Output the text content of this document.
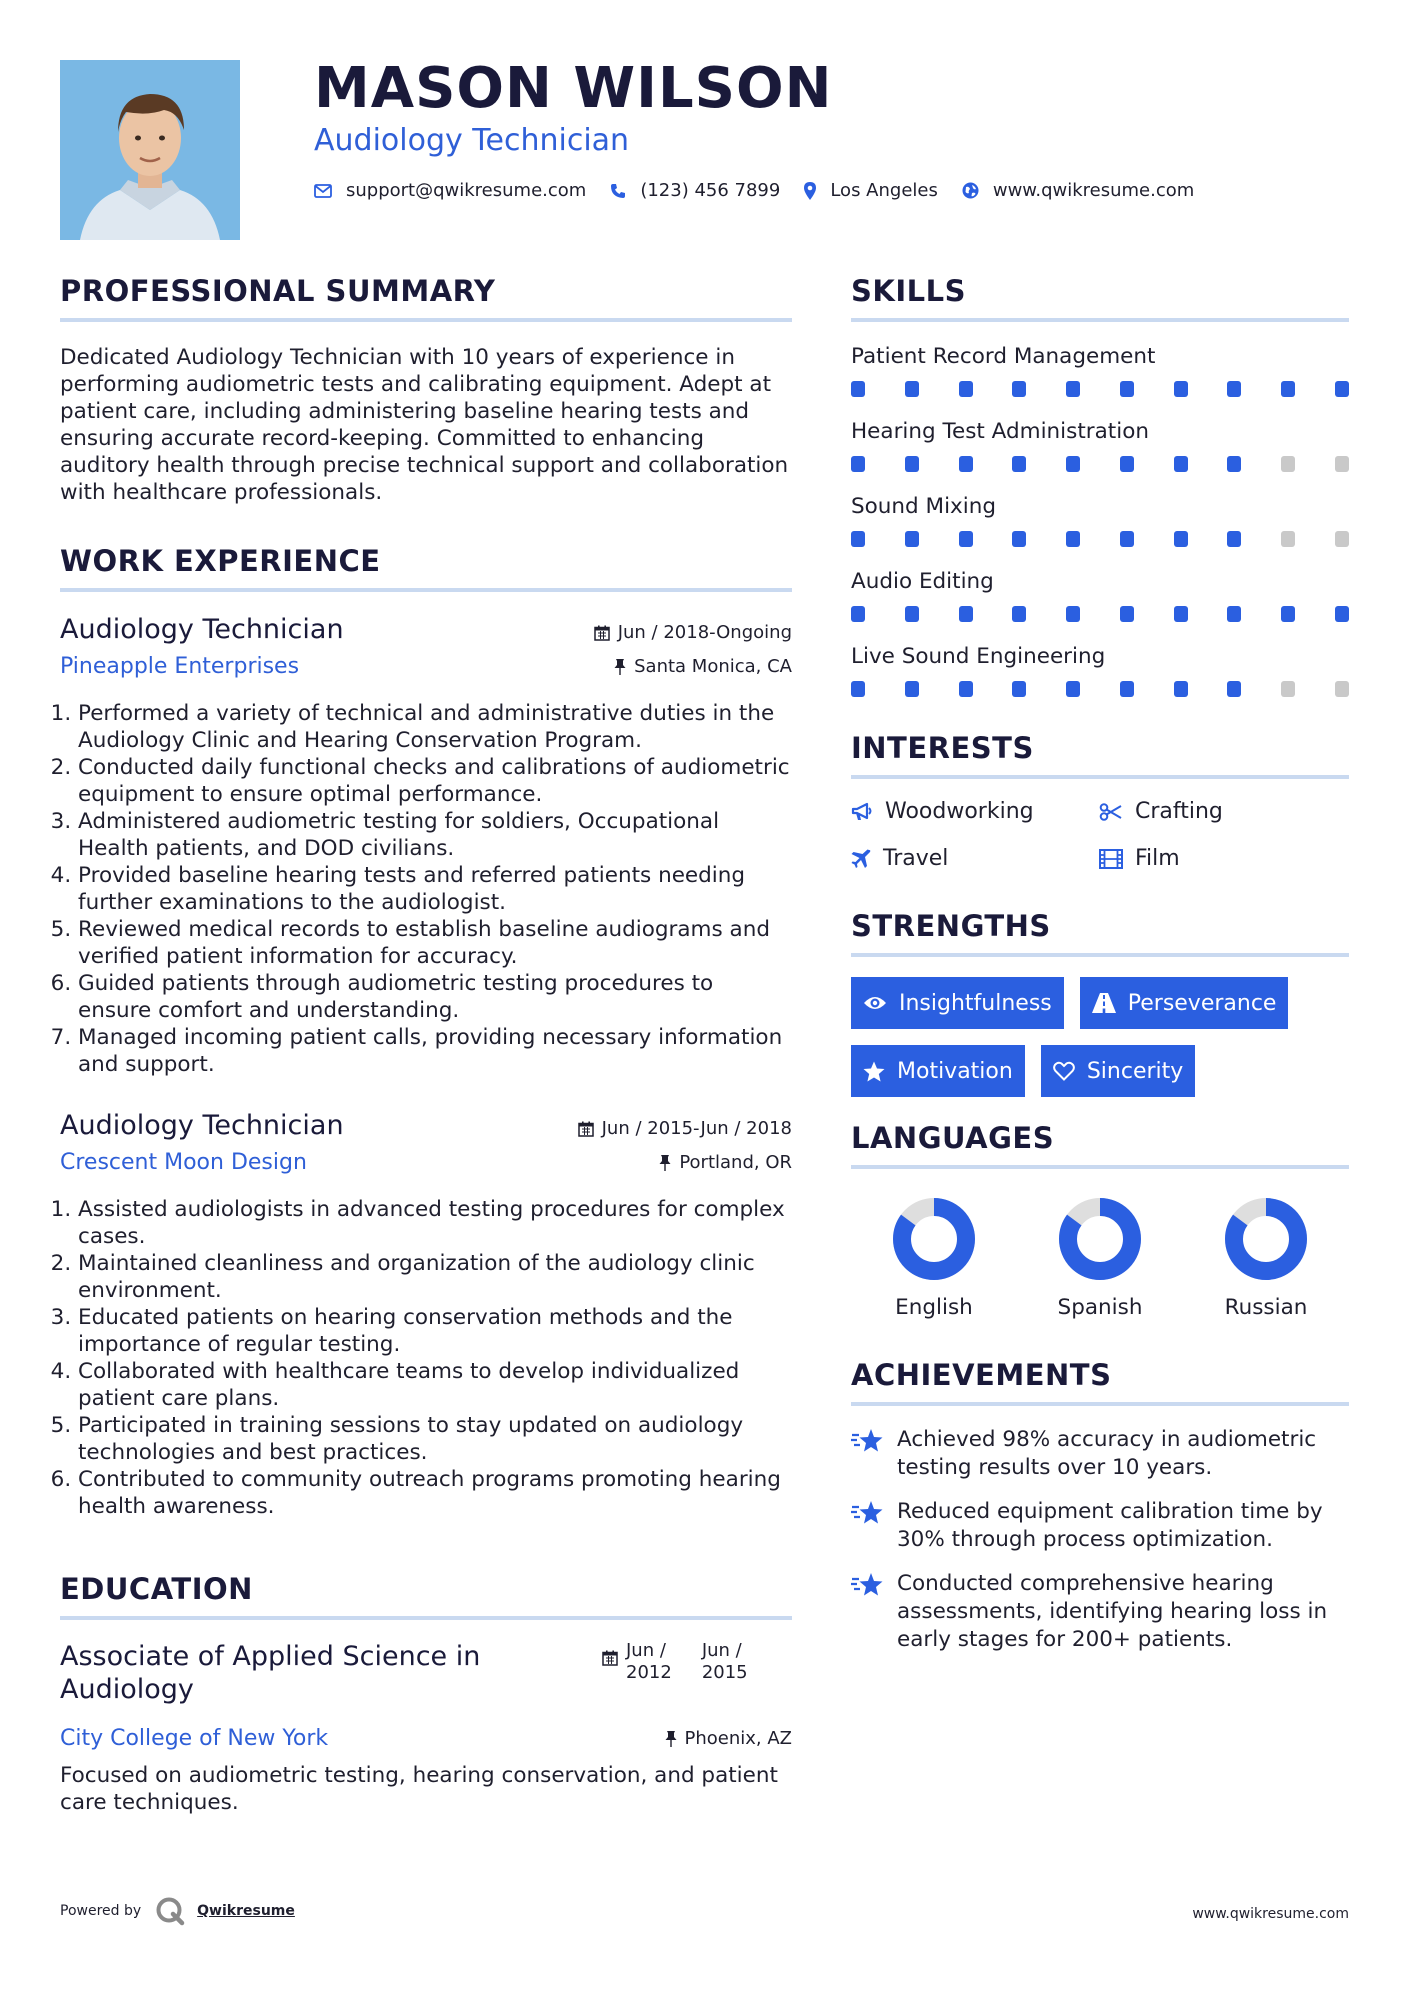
MASON WILSON
Audiology Technician
support@qwikresume.com	(123) 456 7899	Los Angeles	www.qwikresume.com
PROFESSIONAL SUMMARY
Dedicated Audiology Technician with 10 years of experience in performing audiometric tests and calibrating equipment. Adept at patient care, including administering baseline hearing tests and ensuring accurate record-keeping. Committed to enhancing auditory health through precise technical support and collaboration with healthcare professionals.
WORK EXPERIENCE
Audiology Technician
Pineapple Enterprises
Jun / 2018-Ongoing
Santa Monica, CA
1. Performed a variety of technical and administrative duties in the Audiology Clinic and Hearing Conservation Program.
2. Conducted daily functional checks and calibrations of audiometric equipment to ensure optimal performance.
3. Administered audiometric testing for soldiers, Occupational Health patients, and DOD civilians.
4. Provided baseline hearing tests and referred patients needing further examinations to the audiologist.
5. Reviewed medical records to establish baseline audiograms and verified patient information for accuracy.
6. Guided patients through audiometric testing procedures to ensure comfort and understanding.
7. Managed incoming patient calls, providing necessary information and support.
Audiology Technician
Crescent Moon Design
Jun / 2015-Jun / 2018
Portland, OR
1. Assisted audiologists in advanced testing procedures for complex cases.
2. Maintained cleanliness and organization of the audiology clinic environment.
3. Educated patients on hearing conservation methods and the importance of regular testing.
4. Collaborated with healthcare teams to develop individualized patient care plans.
5. Participated in training sessions to stay updated on audiology technologies and best practices.
6. Contributed to community outreach programs promoting hearing health awareness.
EDUCATION
Associate of Applied Science in Audiology
City College of New York
Jun /
2012
Jun /
2015
Phoenix, AZ
Focused on audiometric testing, hearing conservation, and patient care techniques.
SKILLS
Patient Record Management
Hearing Test Administration
Sound Mixing
Audio Editing
Live Sound Engineering
INTERESTS
Woodworking	Crafting
Travel	Film
STRENGTHS
Insightfulness	Perseverance
Motivation	Sincerity
LANGUAGES
English	Spanish	Russian
ACHIEVEMENTS
Achieved 98% accuracy in audiometric testing results over 10 years.
Reduced equipment calibration time by 30% through process optimization.
Conducted comprehensive hearing assessments, identifying hearing loss in early stages for 200+ patients.
Powered by	Qwikresume	www.qwikresume.com
